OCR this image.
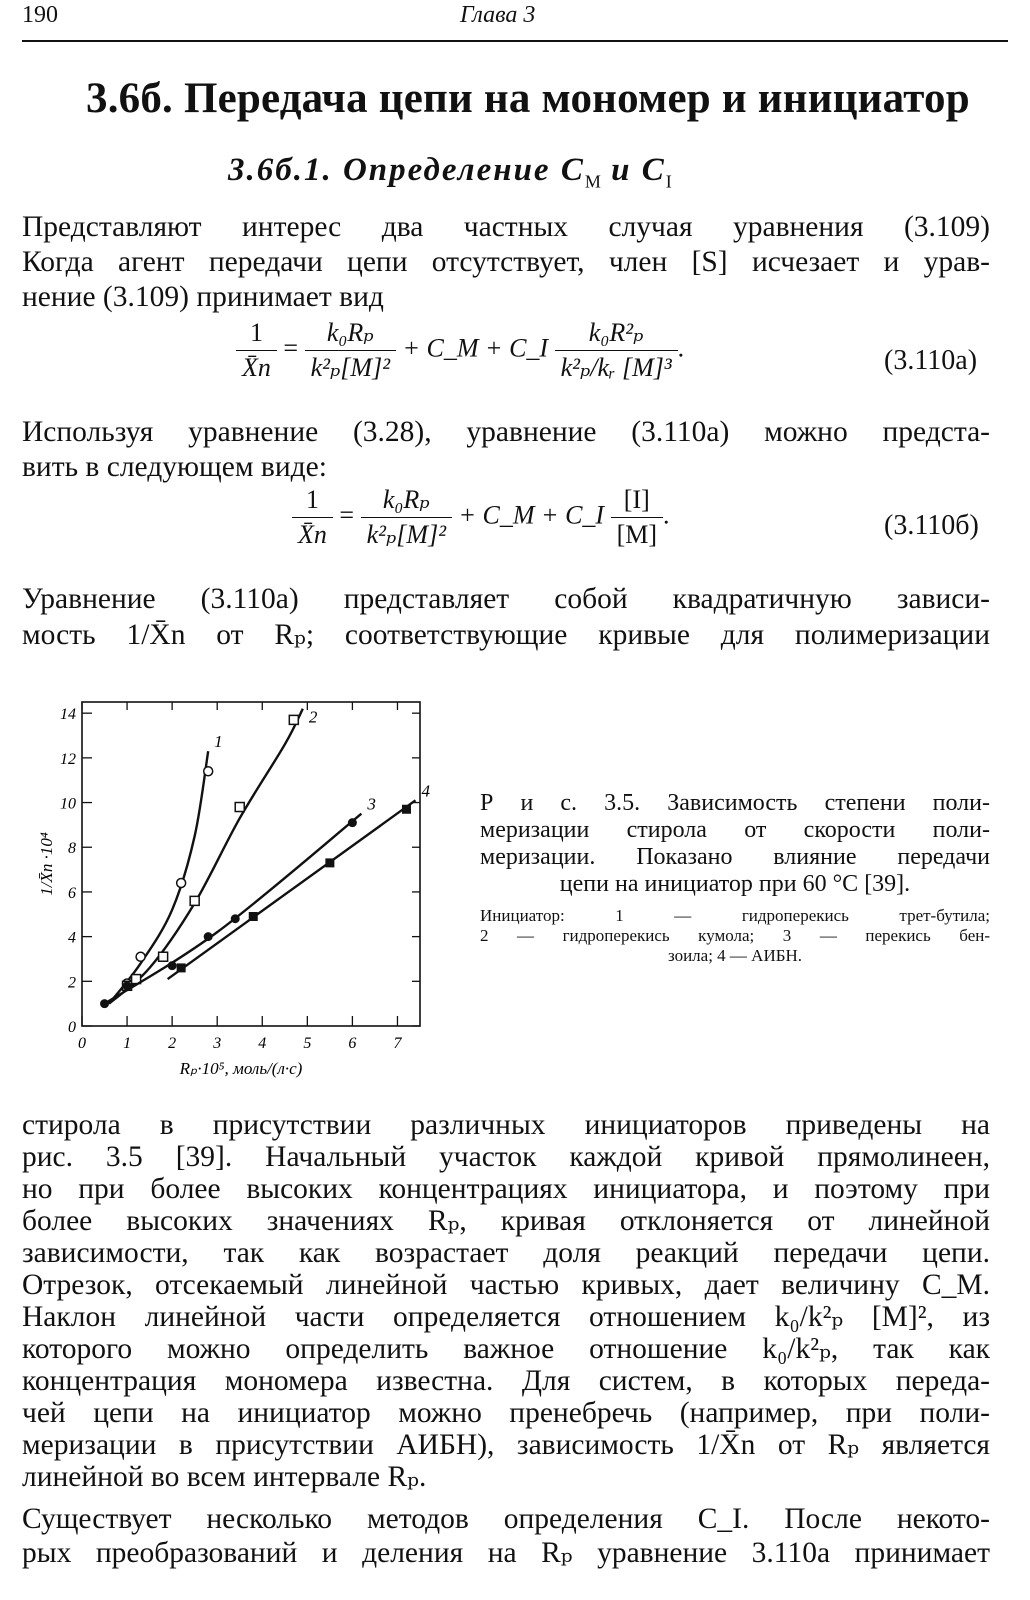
190	Глава 3
3.6б. Передача цепи на мономер и инициатор
3.6б.1. Определение $C_M$ и $C_I$
Представляют интерес два частных случая уравнения (3.109)
Когда агент передачи цепи отсутствует, член [S] исчезает и урав-
нение (3.109) принимает вид
$\frac{1}{X̄n} = \frac{\text{k₀Rₚ}}{\text{k²ₚ[M]²}}$ + C_M + C_I $\frac{\text{k₀R²ₚ}}{\text{k²ₚ/kᵣ [M]³}}$ .	(3.110а)
Используя уравнение (3.28), уравнение (3.110а) можно предста-
вить в следующем виде:
$\frac{1}{X̄n} = \frac{\text{k₀Rₚ}}{\text{k²ₚ[M]²}}$ + C_M + C_I $\frac{[I]}{[M]}$ .	(3.110б)
Уравнение (3.110а) представляет собой квадратичную зависи-
мость 1/X̄n от Rₚ; соответствующие кривые для полимеризации
0 1 2 3 4 5 6 7
0
2
4
6
8
10
12
14
Rₚ·10⁵, моль/(л·с)
1/X̄n ·10⁴
1
2
3
4 Р и с. 3.5. Зависимость степени поли-
меризации стирола от скорости поли-
меризации. Показано влияние передачи
цепи на инициатор при 60 °С [39].
Инициатор: 1 — гидроперекись трет-бутила;
2 — гидроперекись кумола; 3 — перекись бен-
зоила; 4 — АИБН.
стирола в присутствии различных инициаторов приведены на
рис. 3.5 [39]. Начальный участок каждой кривой прямолинеен,
но при более высоких концентрациях инициатора, и поэтому при
более высоких значениях Rₚ, кривая отклоняется от линейной
зависимости, так как возрастает доля реакций передачи цепи.
Отрезок, отсекаемый линейной частью кривых, дает величину C_M.
Наклон линейной части определяется отношением k₀/k²ₚ [M]², из
которого можно определить важное отношение k₀/k²ₚ, так как
концентрация мономера известна. Для систем, в которых переда-
чей цепи на инициатор можно пренебречь (например, при поли-
меризации в присутствии АИБН), зависимость 1/X̄n от Rₚ является
линейной во всем интервале Rₚ.
Существует несколько методов определения C_I. После некото-
рых преобразований и деления на Rₚ уравнение 3.110а принимает
